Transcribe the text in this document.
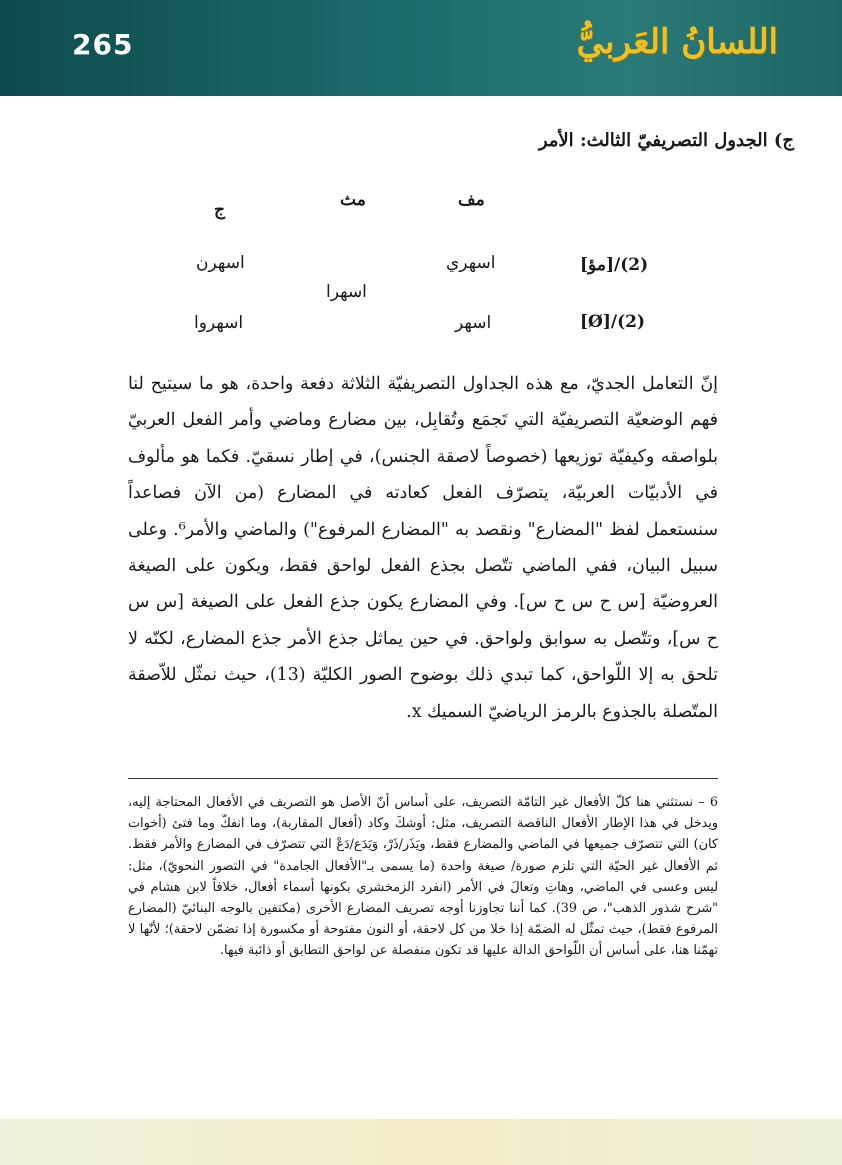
265	اللسانُ العَربيُّ
ج) الجدول التصريفيّ الثالث: الأمر
مف
مث
ج
[مؤ]/(2)
اسهري
اسهرن
اسهرا
[Ø]/(2)
اسهر
اسهروا

إنّ التعامل الجديّ، مع هذه الجداول التصريفيّة الثلاثة دفعة واحدة، هو ما سيتيح لنا فهم الوضعيّة التصريفيّة التي تَجمَع وتُقابِل، بين مضارع وماضي وأمر الفعل العربيّ بلواصقه وكيفيّة توزيعها (خصوصاً لاصقة الجنس)، في إطار نسقيّ. فكما هو مألوف في الأدبيّات العربيّة، يتصرّف الفعل كعادته في المضارع (من الآن فصاعداً سنستعمل لفظ "المضارع" ونقصد به "المضارع المرفوع") والماضي والأمر⁶. وعلى سبيل البيان، ففي الماضي تتّصل بجذع الفعل لواحق فقط، ويكون على الصيغة العروضيّة [س ح س ح س]. وفي المضارع يكون جذع الفعل على الصيغة [س س ح س]، وتتّصل به سوابق ولواحق. في حين يماثل جذع الأمر جذع المضارع، لكنّه لا تلحق به إلا اللّواحق، كما تبدي ذلك بوضوح الصور الكليّة (13)، حيث نمثّل للاّصقة المتّصلة بالجذوع بالرمز الرياضيّ السميك x.

6 – نستثني هنا كلّ الأفعال غير التامّة التصريف، على أساس أنّ الأصل هو التصريف في الأفعال المحتاجة إليه، ويدخل في هذا الإطار الأفعال الناقصة التصريف، مثل: أوشكَ وكاد (أفعال المقاربة)، وما انفكّ وما فتئ (أخوات كان) التي تتصرّف جميعها في الماضي والمضارع فقط، ويَذَر/ذَرْ، وَيَدَع/دَعْ التي تتصرّف في المضارع والأمر فقط. ثم الأفعال غير الحيّة التي تلزم صورة/ صيغة واحدة (ما يسمى بـ"الأفعال الجامدة" في التصور النحويّ)، مثل: ليس وعسى في الماضي، وهاتِ وتعالَ في الأمر (انفرد الزمخشري بكونها أسماء أفعال، خلافاً لابن هشام في "شرح شذور الذهب"، ص 39). كما أننا تجاوزنا أوجه تصريف المضارع الأخرى (مكتفين بالوجه البنائيّ (المضارع المرفوع فقط)، حيث تمثّل له الضمّة إذا خلا من كل لاحقة، أو النون مفتوحة أو مكسورة إذا تضمّن لاحقة)؛ لأنّها لا تهمّنا هنا، على أساس أن اللّواحق الدالة عليها قد تكون منفصلة عن لواحق التطابق أو ذائبة فيها.
